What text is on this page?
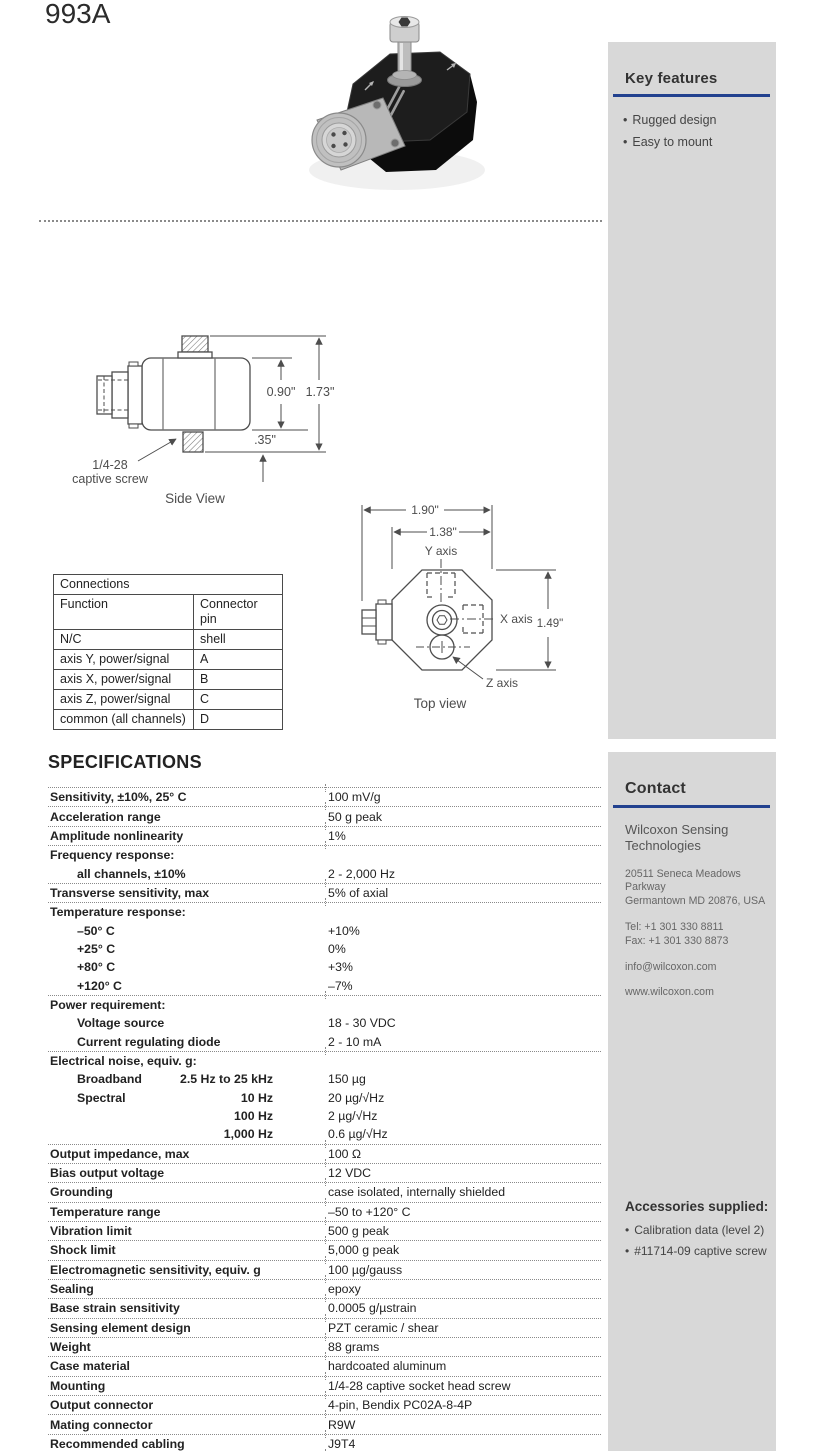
993A
0.90" 1.73"
.35"
1/4-28
captive screw
Side View
1.90"
1.38"
1.49"
Y axis
X axis
Z axis
Top view
Connections
Function	Connector pin
N/C	shell
axis Y, power/signal	A
axis X, power/signal	B
axis Z, power/signal	C
common (all channels)	D
SPECIFICATIONS
Sensitivity, ±10%, 25° C	100 mV/g
Acceleration range	50 g peak
Amplitude nonlinearity	1%
Frequency response:
all channels, ±10%	2 - 2,000 Hz
Transverse sensitivity, max	5% of axial
Temperature response:
–50° C	+10%
+25° C	0%
+80° C	+3%
+120° C	–7%
Power requirement:
Voltage source	18 - 30 VDC
Current regulating diode	2 - 10 mA
Electrical noise, equiv. g:
Broadband	2.5 Hz to 25 kHz	150 µg
Spectral	10 Hz	20 µg/√Hz
100 Hz	2 µg/√Hz
1,000 Hz	0.6 µg/√Hz
Output impedance, max	100 Ω
Bias output voltage	12 VDC
Grounding	case isolated, internally shielded
Temperature range	–50 to +120° C
Vibration limit	500 g peak
Shock limit	5,000 g peak
Electromagnetic sensitivity, equiv. g	100 µg/gauss
Sealing	epoxy
Base strain sensitivity	0.0005 g/µstrain
Sensing element design	PZT ceramic / shear
Weight	88 grams
Case material	hardcoated aluminum
Mounting	1/4-28 captive socket head screw
Output connector	4-pin, Bendix PC02A-8-4P
Mating connector	R9W
Recommended cabling	J9T4
Key features
• Rugged design
• Easy to mount
Contact
Wilcoxon Sensing
Technologies
20511 Seneca Meadows Parkway
Germantown MD 20876, USA
Tel: +1 301 330 8811
Fax: +1 301 330 8873
info@wilcoxon.com
www.wilcoxon.com
Accessories supplied:
• Calibration data (level 2)
• #11714-09 captive screw
